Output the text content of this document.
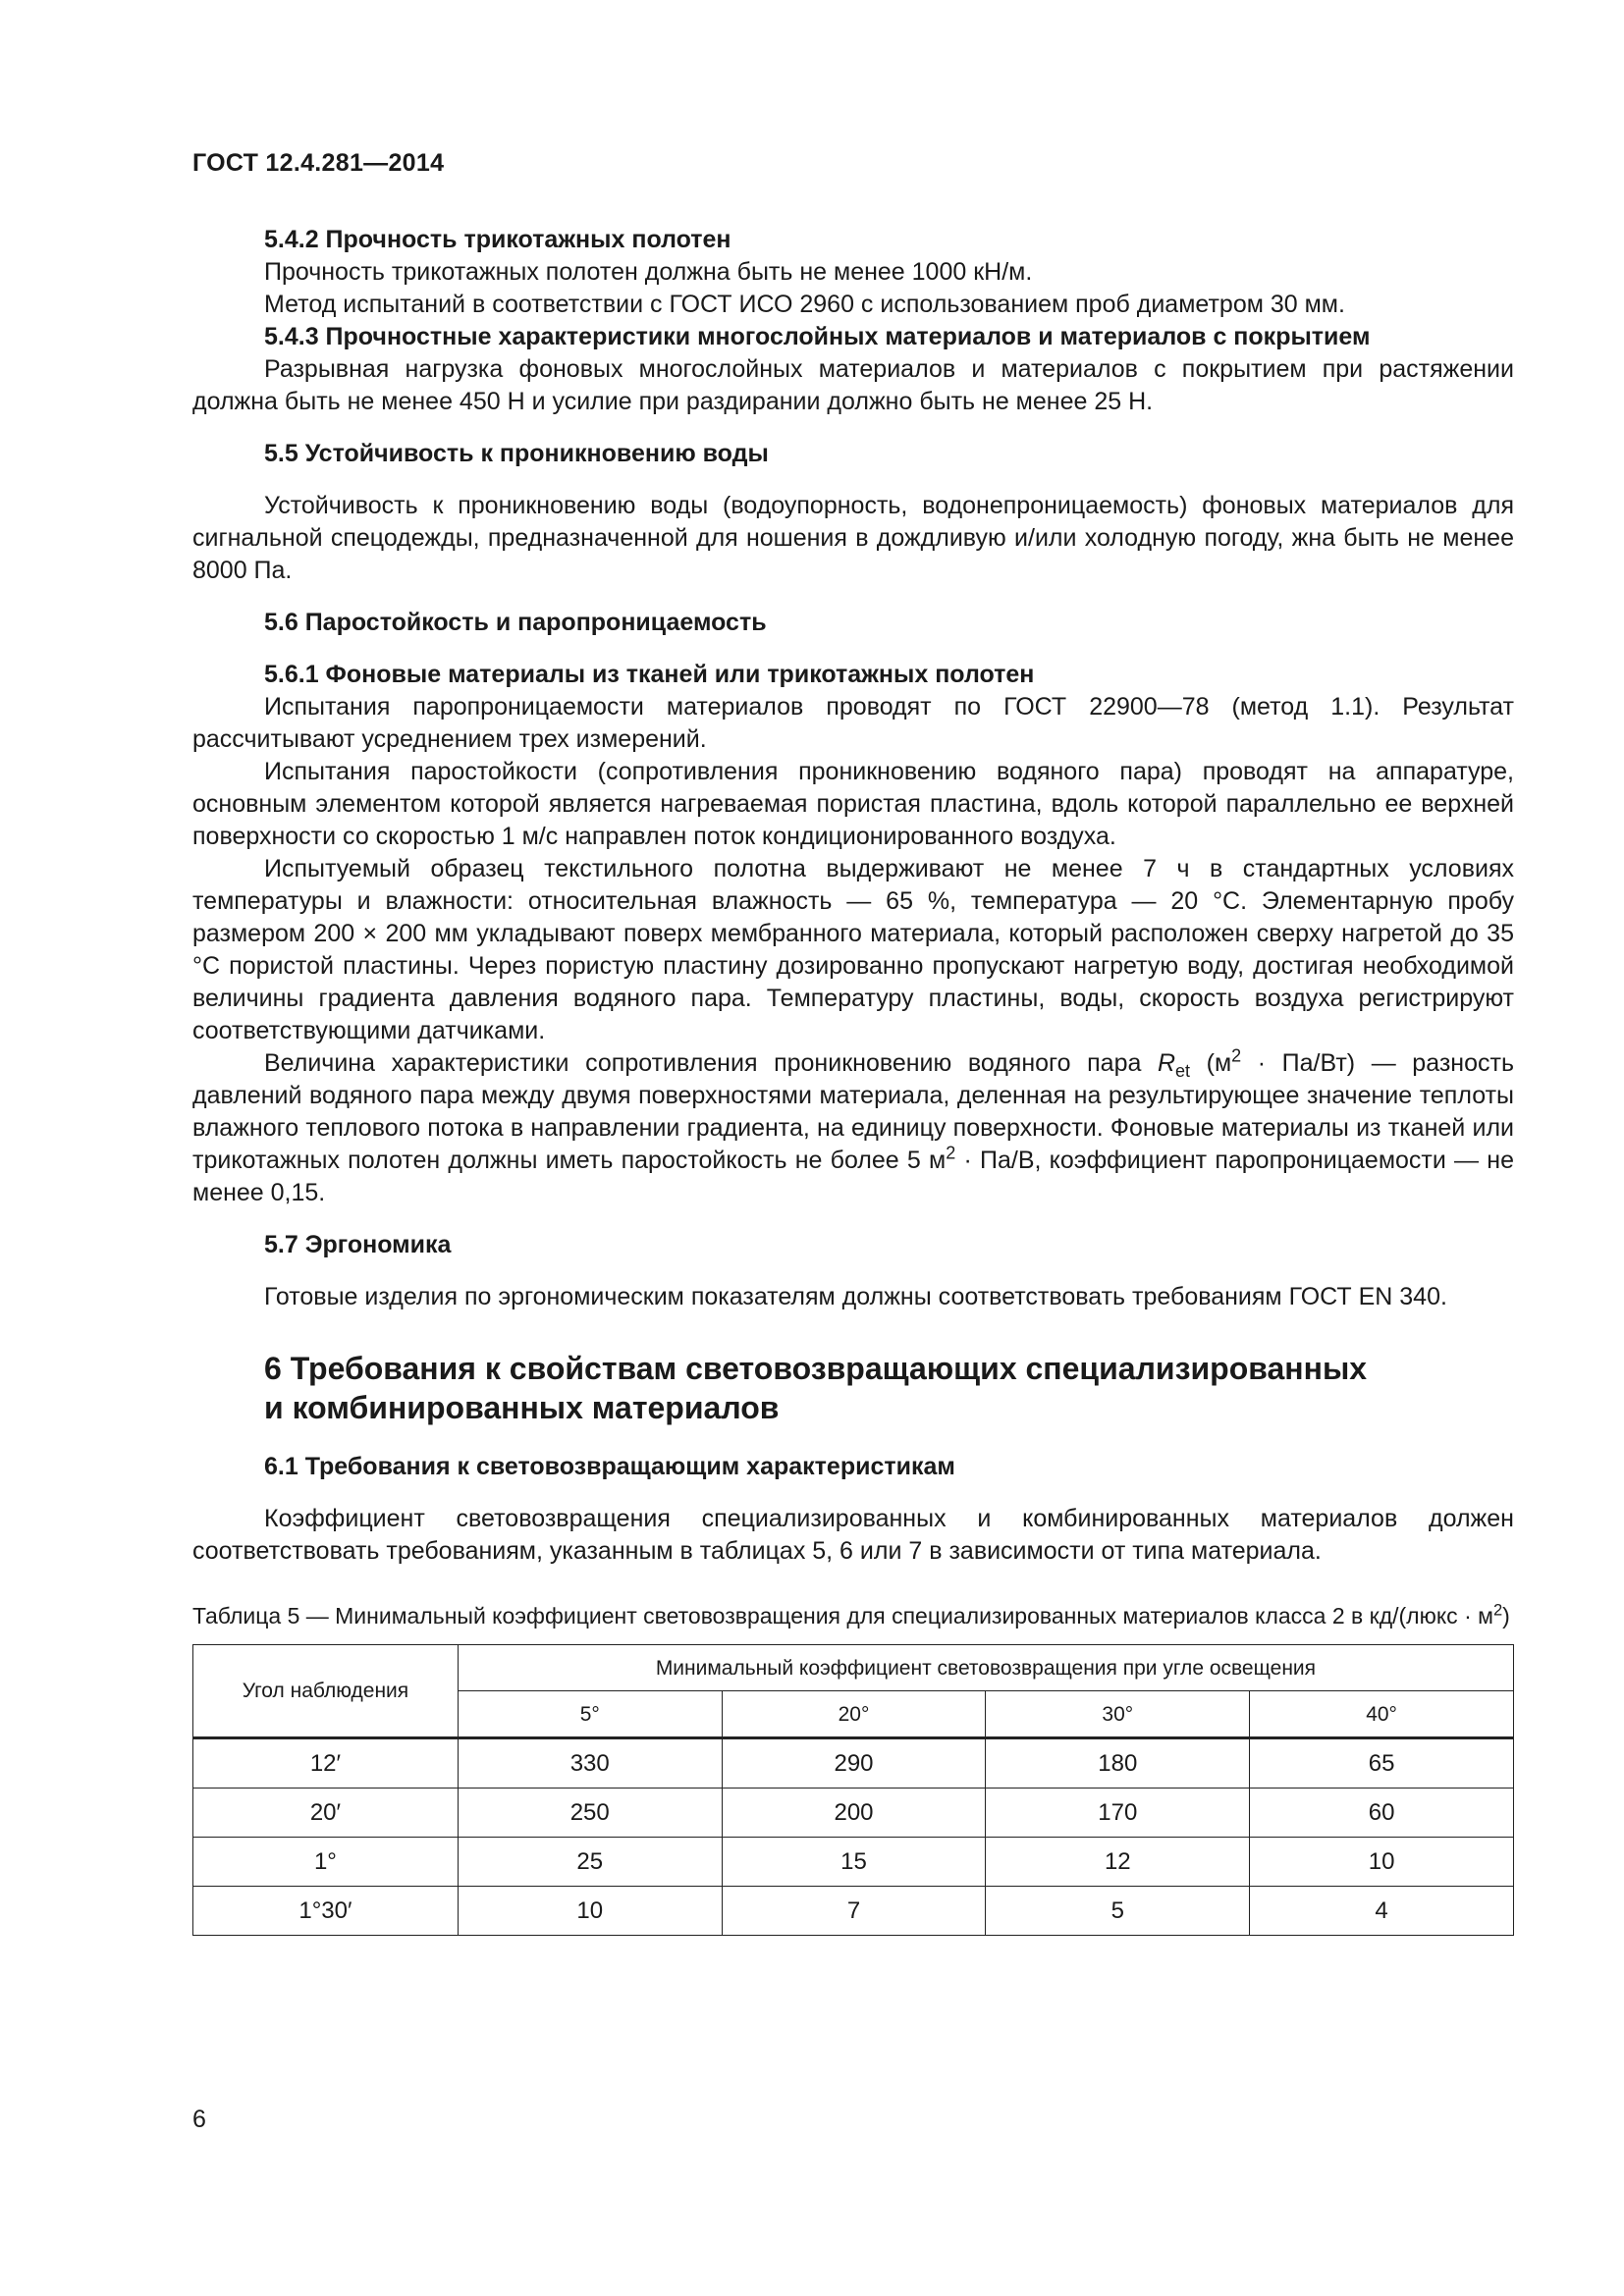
ГОСТ 12.4.281—2014

5.4.2 Прочность трикотажных полотен

Прочность трикотажных полотен должна быть не менее 1000 кН/м.

Метод испытаний в соответствии с ГОСТ ИСО 2960 с использованием проб диаметром 30 мм.

5.4.3 Прочностные характеристики многослойных материалов и материалов с покрытием

Разрывная нагрузка фоновых многослойных материалов и материалов с покрытием при растяжении должна быть не менее 450 Н и усилие при раздирании должно быть не менее 25 Н.

5.5 Устойчивость к проникновению воды

Устойчивость к проникновению воды (водоупорность, водонепроницаемость) фоновых материалов для сигнальной спецодежды, предназначенной для ношения в дождливую и/или холодную погоду, жна быть не менее 8000 Па.

5.6 Паростойкость и паропроницаемость

5.6.1 Фоновые материалы из тканей или трикотажных полотен

Испытания паропроницаемости материалов проводят по ГОСТ 22900—78 (метод 1.1). Результат рассчитывают усреднением трех измерений.

Испытания паростойкости (сопротивления проникновению водяного пара) проводят на аппаратуре, основным элементом которой является нагреваемая пористая пластина, вдоль которой параллельно ее верхней поверхности со скоростью 1 м/с направлен поток кондиционированного воздуха.

Испытуемый образец текстильного полотна выдерживают не менее 7 ч в стандартных условиях температуры и влажности: относительная влажность — 65 %, температура — 20 °С. Элементарную пробу размером 200 × 200 мм укладывают поверх мембранного материала, который расположен сверху нагретой до 35 °С пористой пластины. Через пористую пластину дозированно пропускают нагретую воду, достигая необходимой величины градиента давления водяного пара. Температуру пластины, воды, скорость воздуха регистрируют соответствующими датчиками.

Величина характеристики сопротивления проникновению водяного пара $R_{et}$ $(м^2 \cdot Па/Вт)$ — разность давлений водяного пара между двумя поверхностями материала, деленная на результирующее значение теплоты влажного теплового потока в направлении градиента, на единицу поверхности. Фоновые материалы из тканей или трикотажных полотен должны иметь паростойкость не более 5 $м^2 \cdot Па/В$, коэффициент паропроницаемости — не менее 0,15.

5.7 Эргономика

Готовые изделия по эргономическим показателям должны соответствовать требованиям ГОСТ EN 340.

6 Требования к свойствам световозвращающих специализированных
и комбинированных материалов

6.1 Требования к световозвращающим характеристикам

Коэффициент световозвращения специализированных и комбинированных материалов должен соответствовать требованиям, указанным в таблицах 5, 6 или 7 в зависимости от типа материала.

Таблица 5 — Минимальный коэффициент световозвращения для специализированных материалов класса 2 в кд/(люкс · $м^2$)

Угол наблюдения	Минимальный коэффициент световозвращения при угле освещения			
	5°	20°	30°	40°
12′	330	290	180	65
20′	250	200	170	60
1°	25	15	12	10
1°30′	10	7	5	4
6
